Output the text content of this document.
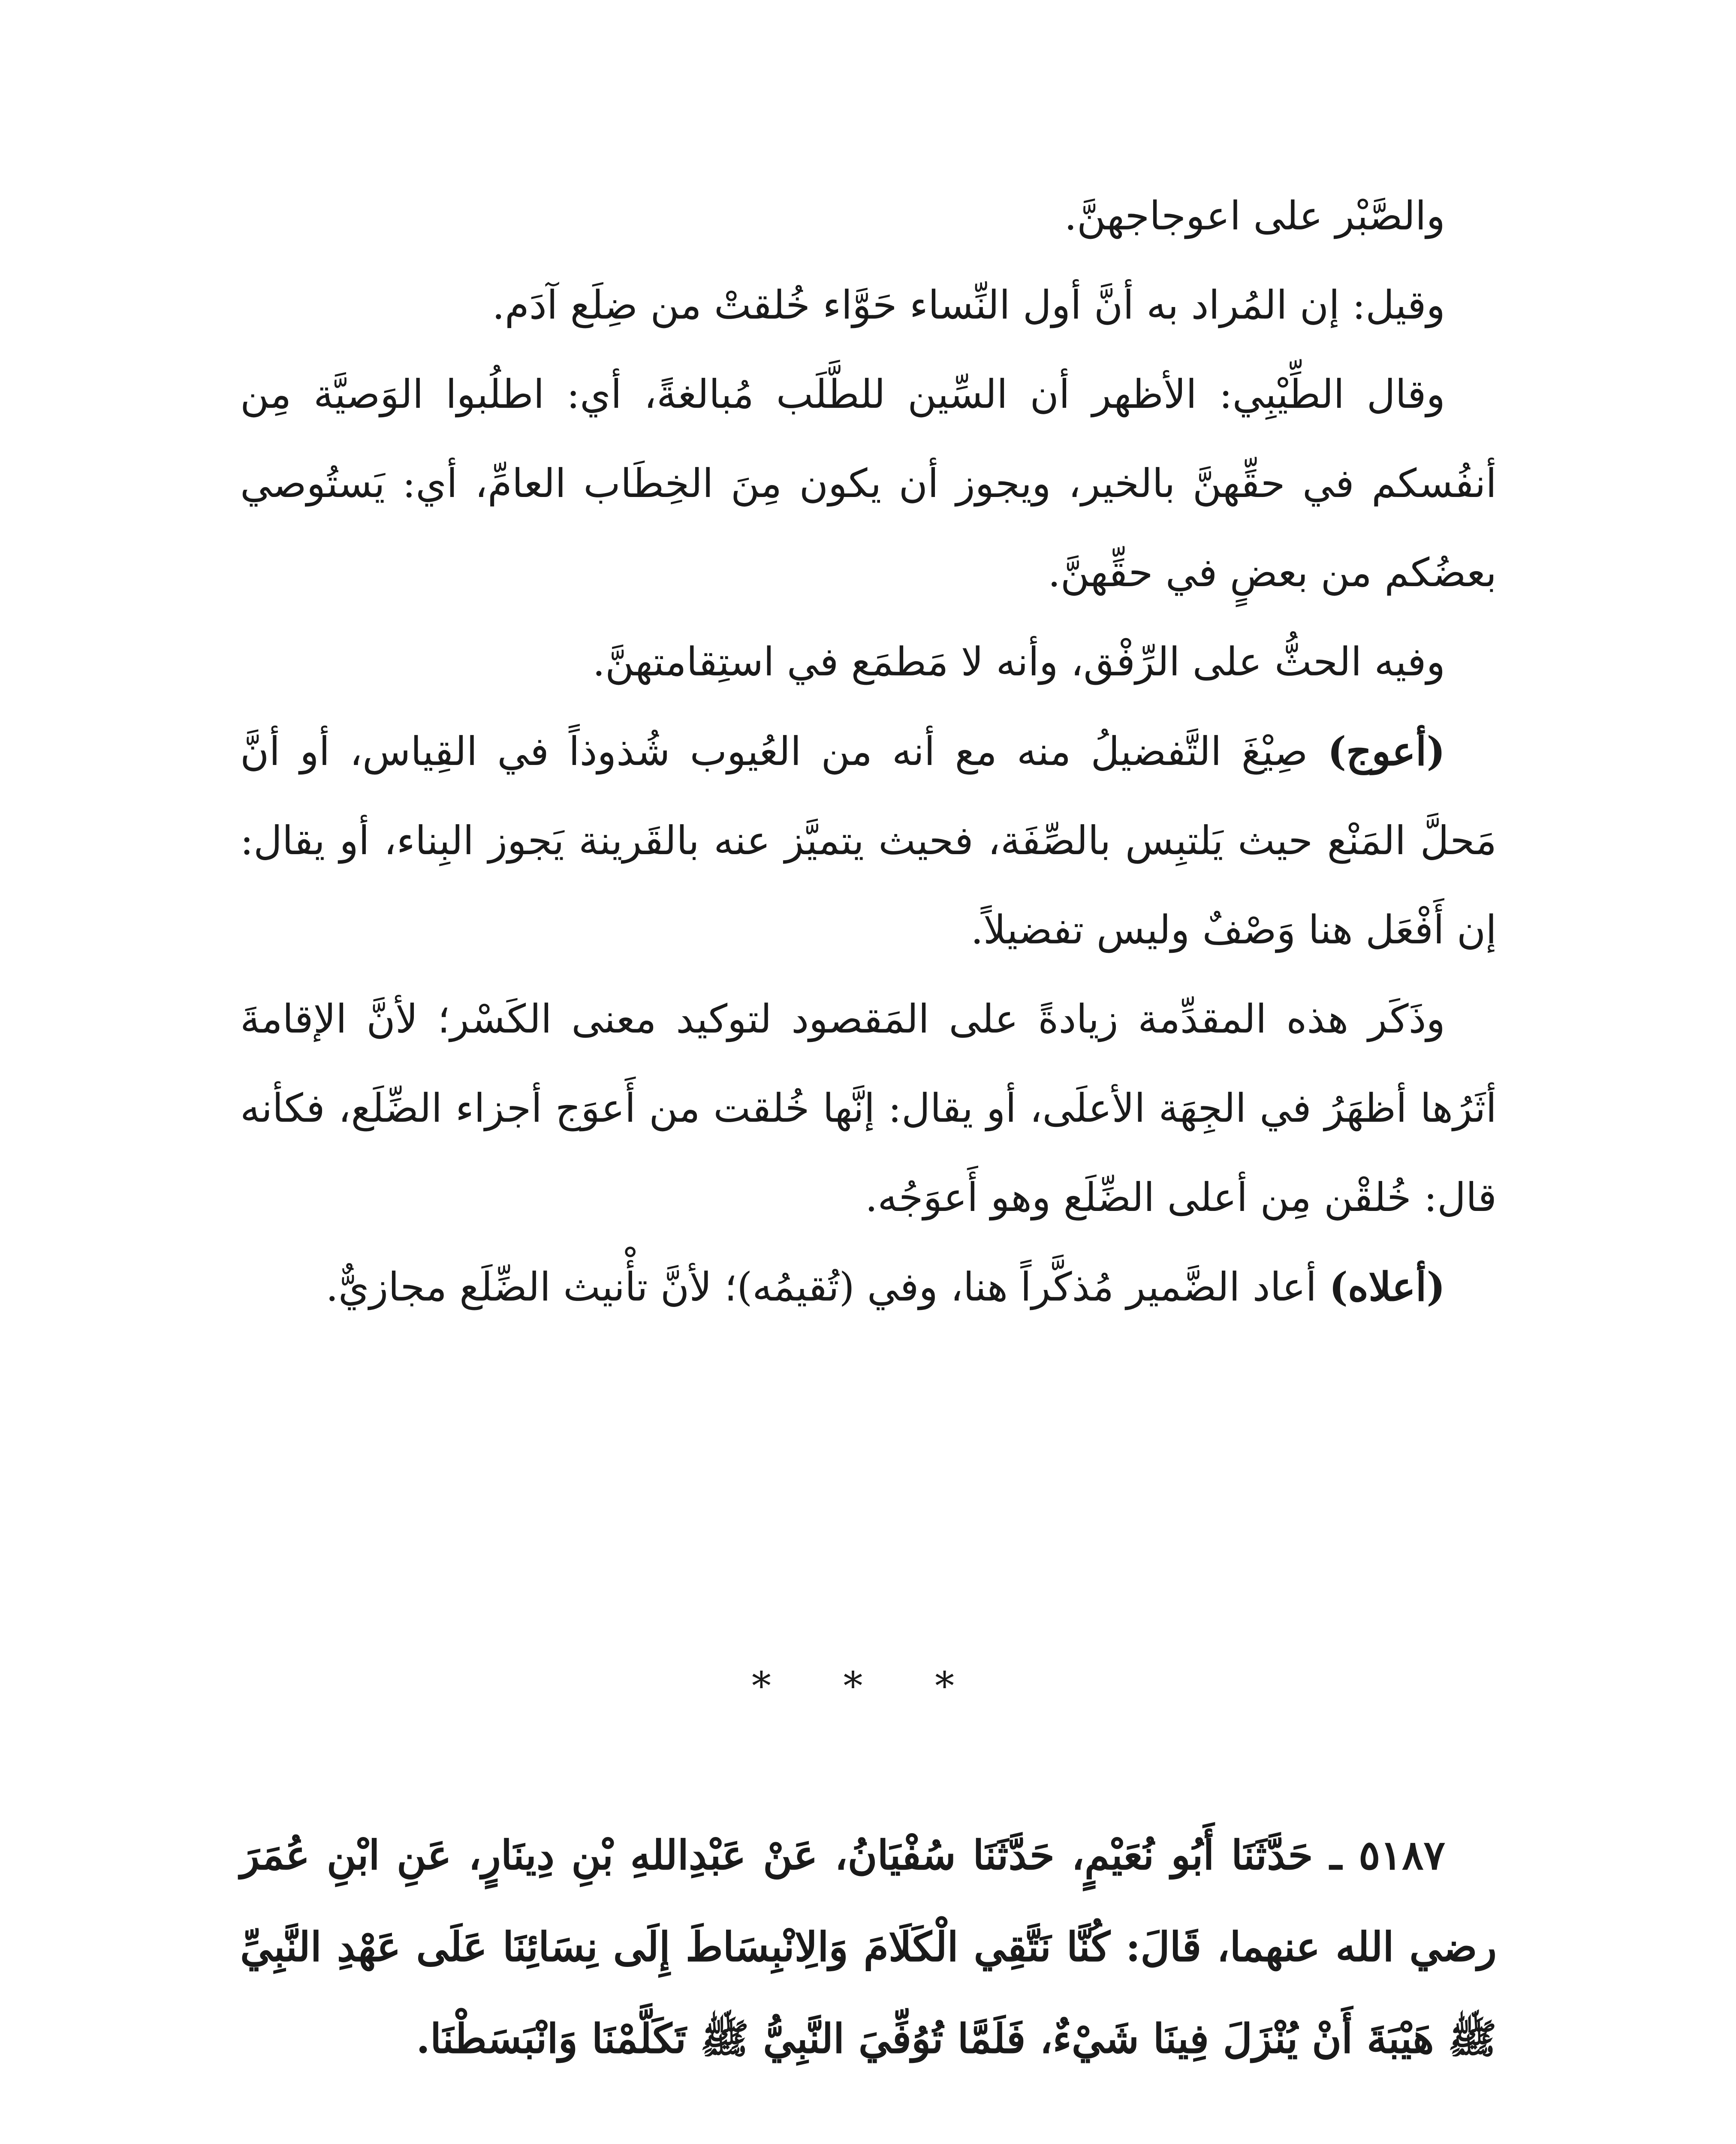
والصَّبْر على اعوجاجهنَّ.

وقيل: إن المُراد به أنَّ أول النِّساء حَوَّاء خُلقتْ من ضِلَع آدَم.

وقال الطِّيْبِي: الأظهر أن السِّين للطَّلَب مُبالغةً، أي: اطلُبوا الوَصيَّة مِن أنفُسكم في حقِّهنَّ بالخير، ويجوز أن يكون مِنَ الخِطَاب العامِّ، أي: يَستُوصي بعضُكم من بعضٍ في حقِّهنَّ.

وفيه الحثُّ على الرِّفْق، وأنه لا مَطمَع في استِقامتهنَّ.

(أعوج) صِيْغَ التَّفضيلُ منه مع أنه من العُيوب شُذوذاً في القِياس، أو أنَّ مَحلَّ المَنْع حيث يَلتبِس بالصِّفَة، فحيث يتميَّز عنه بالقَرينة يَجوز البِناء، أو يقال: إن أَفْعَل هنا وَصْفٌ وليس تفضيلاً.

وذَكَر هذه المقدِّمة زيادةً على المَقصود لتوكيد معنى الكَسْر؛ لأنَّ الإقامةَ أثَرُها أظهَرُ في الجِهَة الأعلَى، أو يقال: إنَّها خُلقت من أَعوَج أجزاء الضِّلَع، فكأنه قال: خُلقْن مِن أعلى الضِّلَع وهو أَعوَجُه.

(أعلاه) أعاد الضَّمير مُذكَّراً هنا، وفي (تُقيمُه)؛ لأنَّ تأْنيث الضِّلَع مجازيٌّ.

* * *

٥١٨٧ ـ حَدَّثَنَا أَبُو نُعَيْمٍ، حَدَّثَنَا سُفْيَانُ، عَنْ عَبْدِاللهِ بْنِ دِينَارٍ، عَنِ ابْنِ عُمَرَ رضي الله عنهما، قَالَ: كُنَّا نَتَّقِي الْكَلَامَ وَالِانْبِسَاطَ إِلَى نِسَائِنَا عَلَى عَهْدِ النَّبِيِّ ﷺ هَيْبَةَ أَنْ يُنْزَلَ فِينَا شَيْءٌ، فَلَمَّا تُوُفِّيَ النَّبِيُّ ﷺ تَكَلَّمْنَا وَانْبَسَطْنَا.
